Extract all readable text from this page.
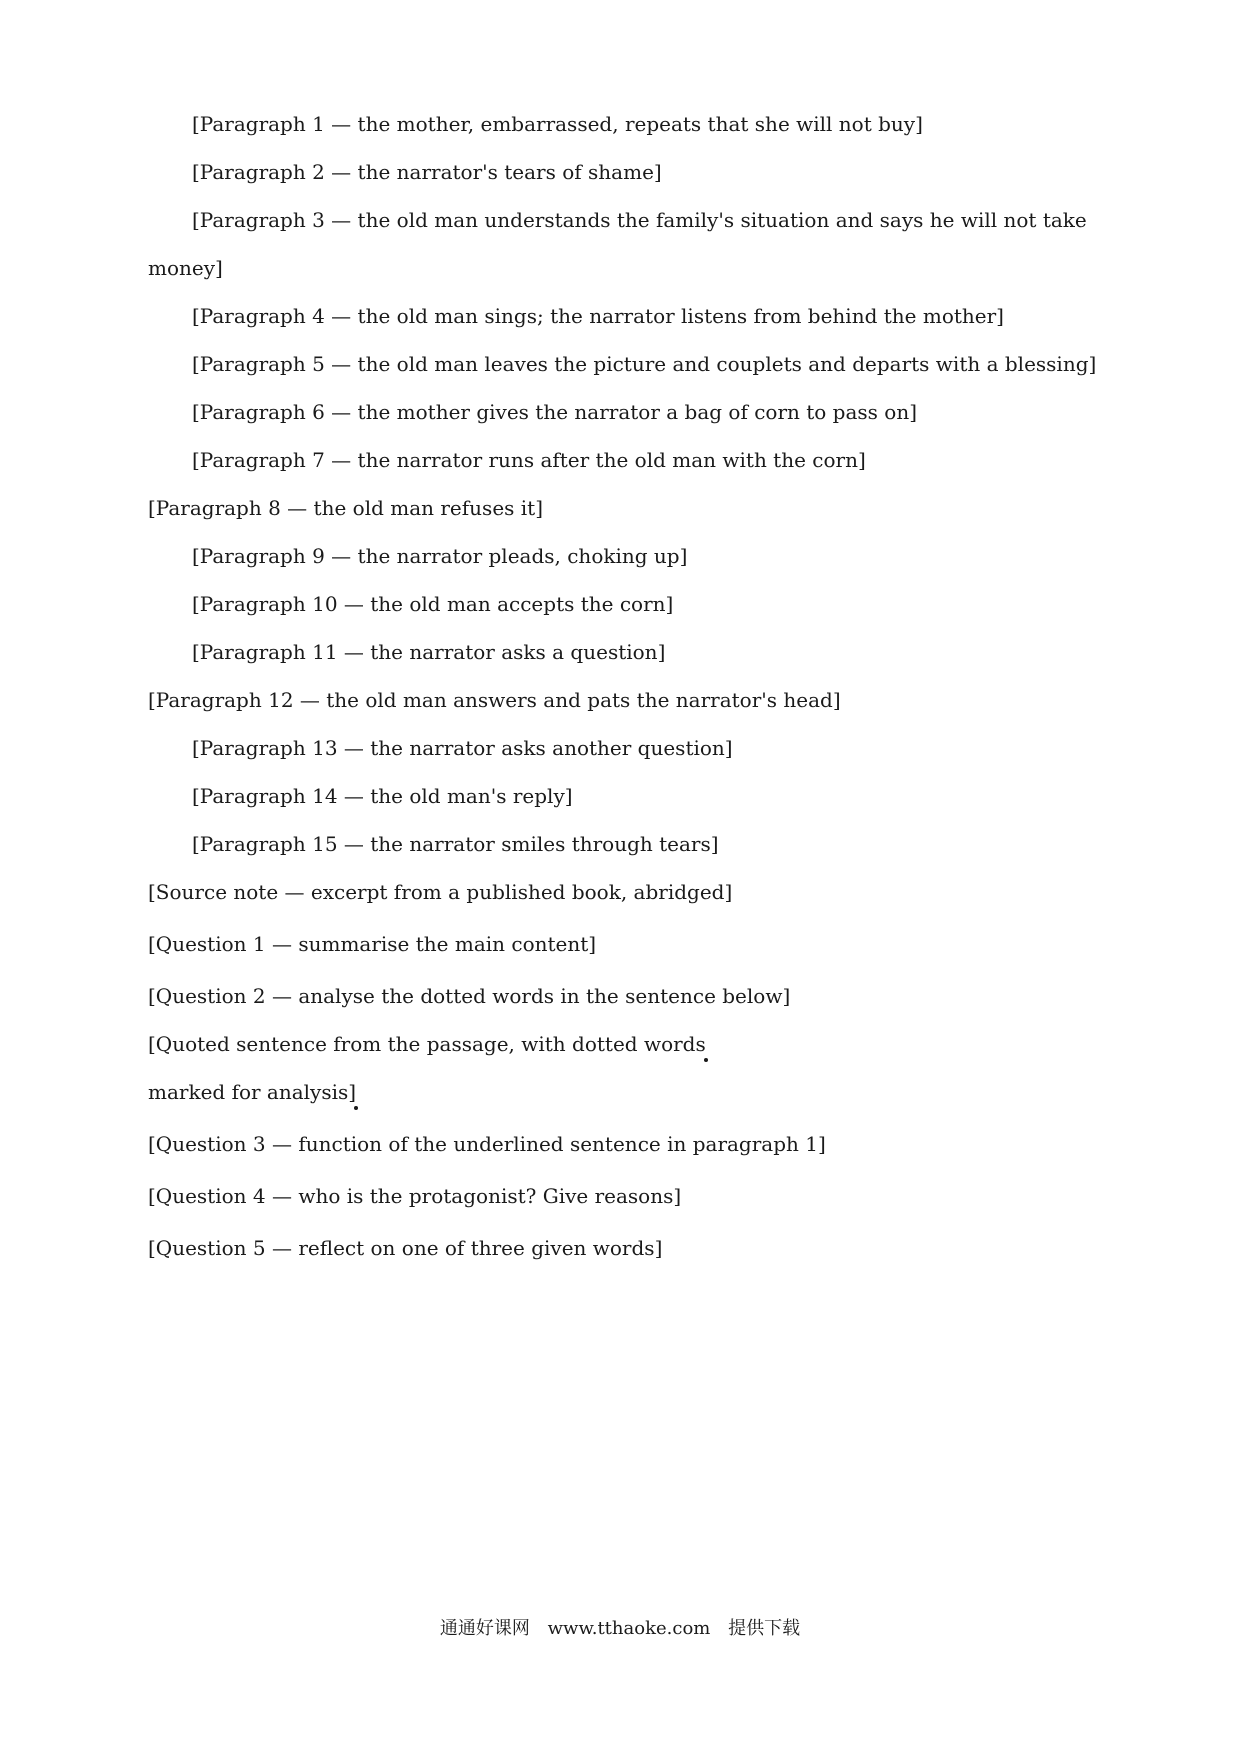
[Paragraph 1 — the mother, embarrassed, repeats that she will not buy]

[Paragraph 2 — the narrator's tears of shame]

[Paragraph 3 — the old man understands the family's situation and says he will not take money]

[Paragraph 4 — the old man sings; the narrator listens from behind the mother]

[Paragraph 5 — the old man leaves the picture and couplets and departs with a blessing]

[Paragraph 6 — the mother gives the narrator a bag of corn to pass on]

[Paragraph 7 — the narrator runs after the old man with the corn]

[Paragraph 8 — the old man refuses it]

[Paragraph 9 — the narrator pleads, choking up]

[Paragraph 10 — the old man accepts the corn]

[Paragraph 11 — the narrator asks a question]

[Paragraph 12 — the old man answers and pats the narrator's head]

[Paragraph 13 — the narrator asks another question]

[Paragraph 14 — the old man's reply]

[Paragraph 15 — the narrator smiles through tears]

[Source note — excerpt from a published book, abridged]

[Question 1 — summarise the main content]

[Question 2 — analyse the dotted words in the sentence below]

[Quoted sentence from the passage, with dotted words

marked for analysis]

[Question 3 — function of the underlined sentence in paragraph 1]

[Question 4 — who is the protagonist? Give reasons]

[Question 5 — reflect on one of three given words]

通通好课网 www.tthaoke.com 提供下载
